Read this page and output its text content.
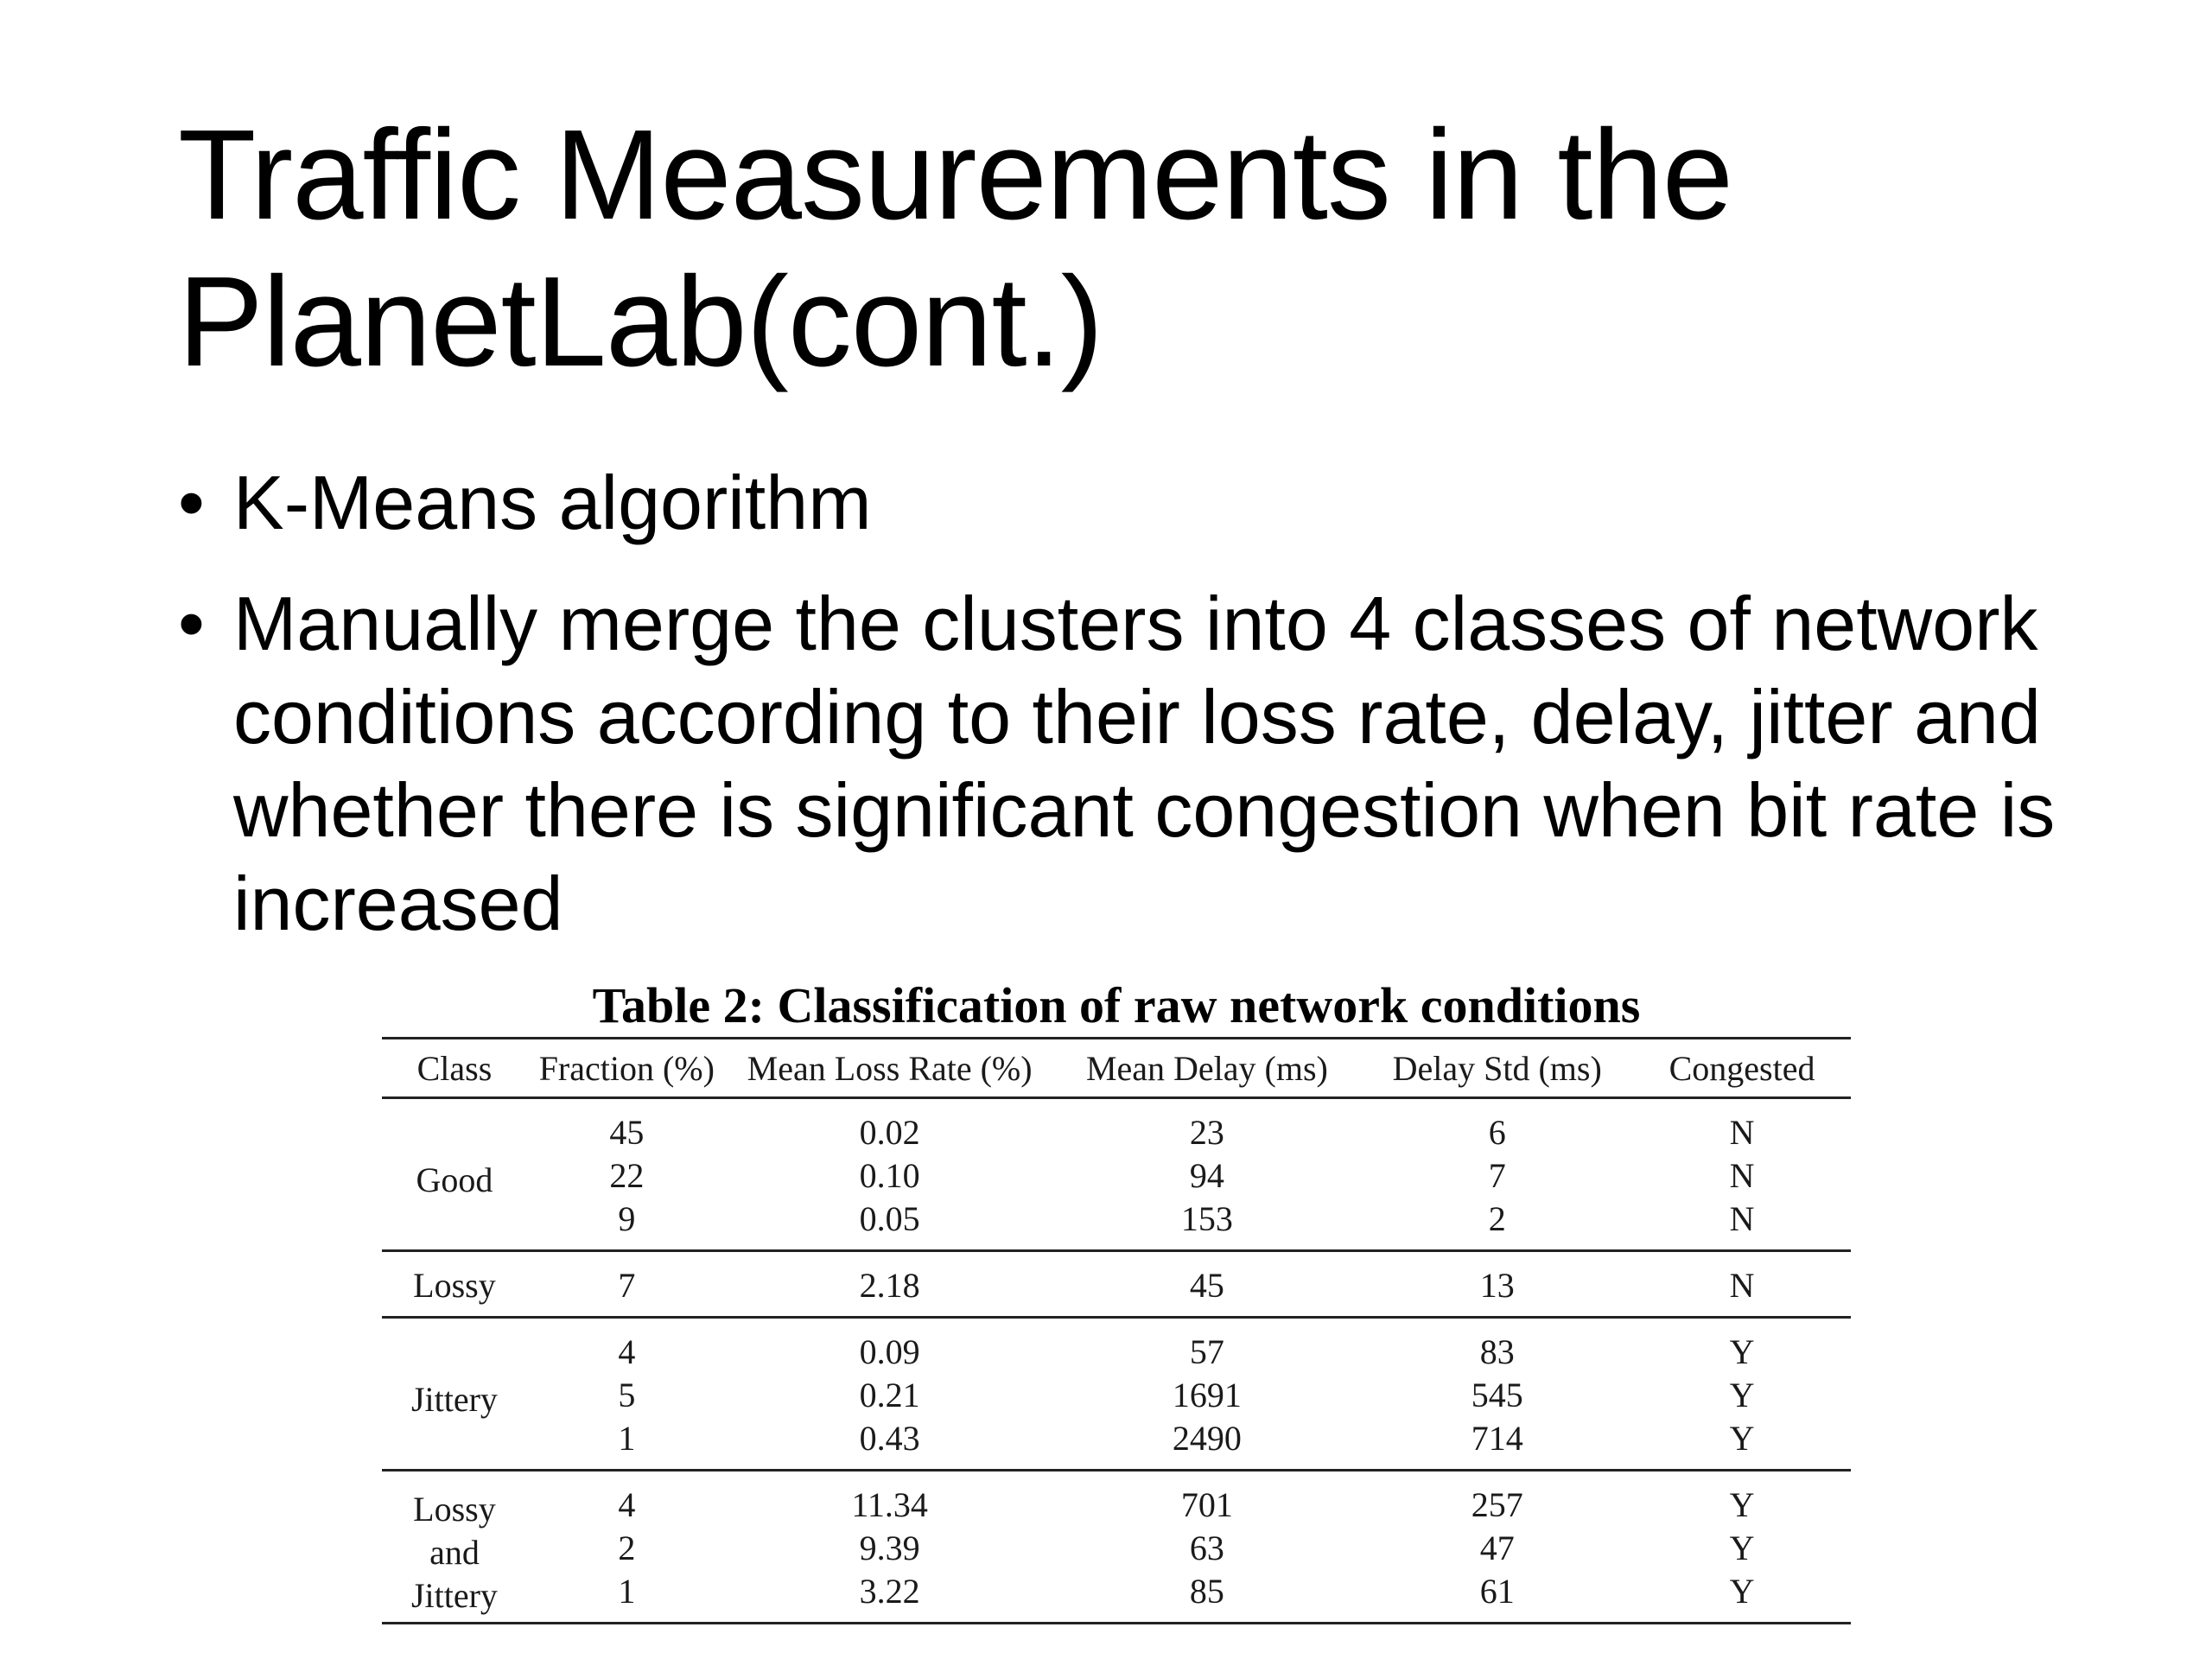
Traffic Measurements in the
PlanetLab(cont.)
• K-Means algorithm
• Manually merge the clusters into 4 classes of network conditions according to their loss rate, delay, jitter and whether there is significant congestion when bit rate is increased
Table 2: Classification of raw network conditions
Class	Fraction (%)	Mean Loss Rate (%)	Mean Delay (ms)	Delay Std (ms)	Congested

Good	45	0.02	23	6	N
	22	0.10	94	7	N
	9	0.05	153	2	N

Lossy	7	2.18	45	13	N

Jittery	4	0.09	57	83	Y
	5	0.21	1691	545	Y
	1	0.43	2490	714	Y

Lossy
and
Jittery	4	11.34	701	257	Y
	2	9.39	63	47	Y
	1	3.22	85	61	Y
